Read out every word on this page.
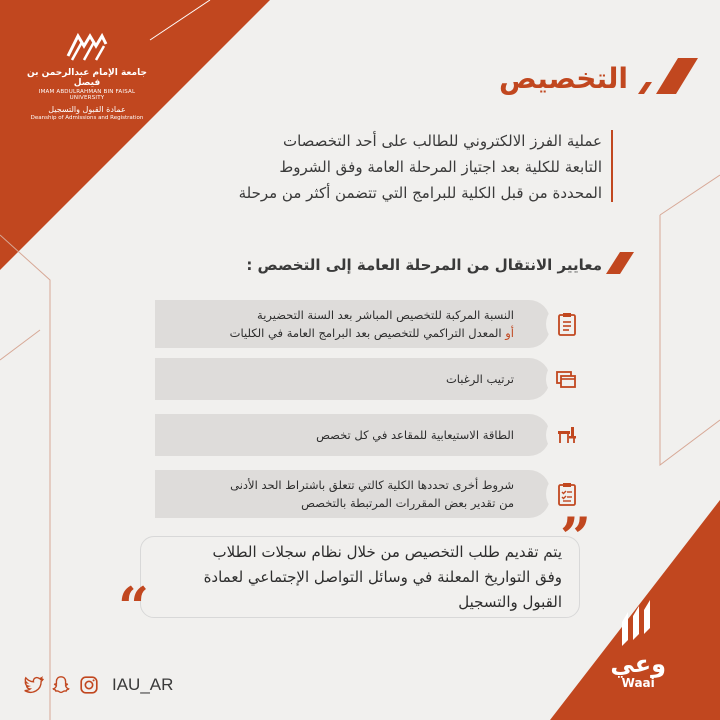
جامعة الإمام عبدالرحمن بن فيصل
IMAM ABDULRAHMAN BIN FAISAL UNIVERSITY
عمادة القبول والتسجيل
Deanship of Admissions and Registration
التخصيص
عملية الفرز الالكتروني للطالب على أحد التخصصات
التابعة للكلية بعد اجتياز المرحلة العامة وفق الشروط
المحددة من قبل الكلية للبرامج التي تتضمن أكثر من مرحلة
معايير الانتقال من المرحلة العامة إلى التخصص :
النسبة المركبة للتخصيص المباشر بعد السنة التحضيرية
أو المعدل التراكمي للتخصيص بعد البرامج العامة في الكليات
ترتيب الرغبات
الطاقة الاستيعابية للمقاعد في كل تخصص
شروط أخرى تحددها الكلية كالتي تتعلق باشتراط الحد الأدنى
من تقدير بعض المقررات المرتبطة بالتخصص
”
“
يتم تقديم طلب التخصيص من خلال نظام سجلات الطلاب
وفق التواريخ المعلنة في وسائل التواصل الإجتماعي لعمادة
القبول والتسجيل
IAU_AR
وعي
Waai
